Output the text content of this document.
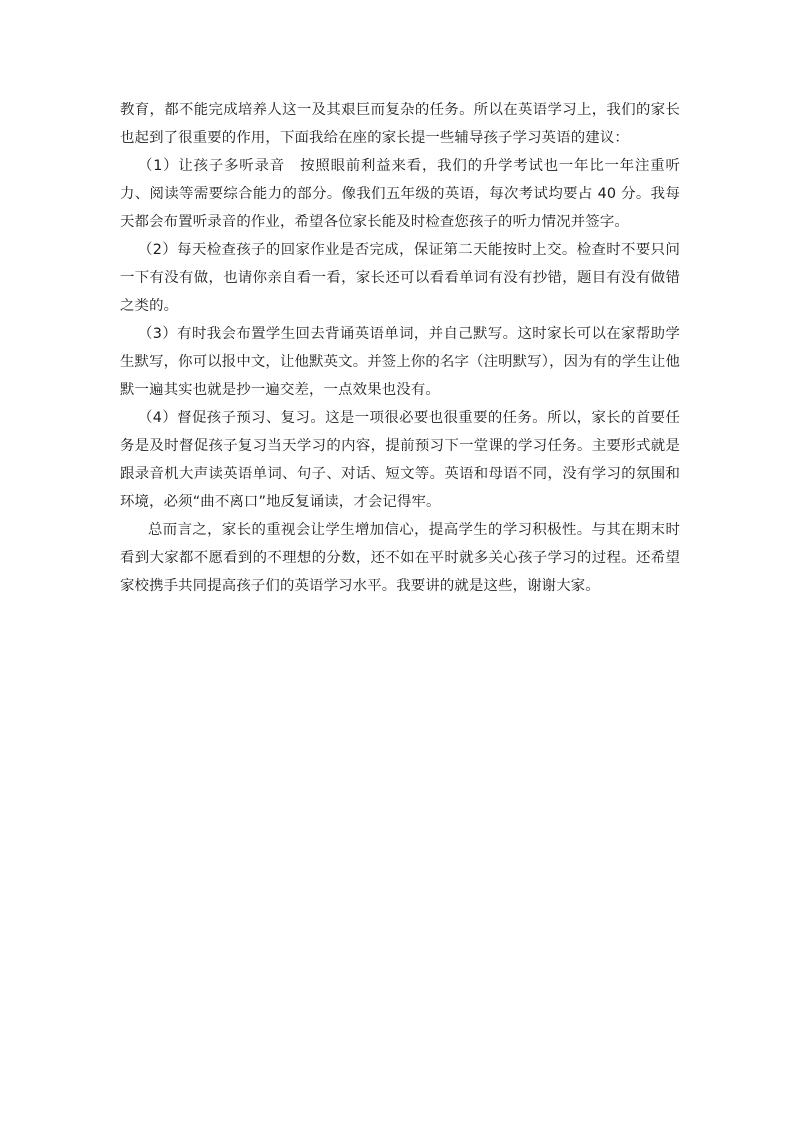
教育，都不能完成培养人这一及其艰巨而复杂的任务。所以在英语学习上，我们的家长也起到了很重要的作用，下面我给在座的家长提一些辅导孩子学习英语的建议：

（1）让孩子多听录音　按照眼前利益来看，我们的升学考试也一年比一年注重听力、阅读等需要综合能力的部分。像我们五年级的英语，每次考试均要占 40 分。我每天都会布置听录音的作业，希望各位家长能及时检查您孩子的听力情况并签字。

（2）每天检查孩子的回家作业是否完成，保证第二天能按时上交。检查时不要只问一下有没有做，也请你亲自看一看，家长还可以看看单词有没有抄错，题目有没有做错之类的。

（3）有时我会布置学生回去背诵英语单词，并自己默写。这时家长可以在家帮助学生默写，你可以报中文，让他默英文。并签上你的名字（注明默写），因为有的学生让他默一遍其实也就是抄一遍交差，一点效果也没有。

（4）督促孩子预习、复习。这是一项很必要也很重要的任务。所以，家长的首要任务是及时督促孩子复习当天学习的内容，提前预习下一堂课的学习任务。主要形式就是跟录音机大声读英语单词、句子、对话、短文等。英语和母语不同，没有学习的氛围和环境，必须“曲不离口”地反复诵读，才会记得牢。

总而言之，家长的重视会让学生增加信心，提高学生的学习积极性。与其在期末时看到大家都不愿看到的不理想的分数，还不如在平时就多关心孩子学习的过程。还希望家校携手共同提高孩子们的英语学习水平。我要讲的就是这些，谢谢大家。
